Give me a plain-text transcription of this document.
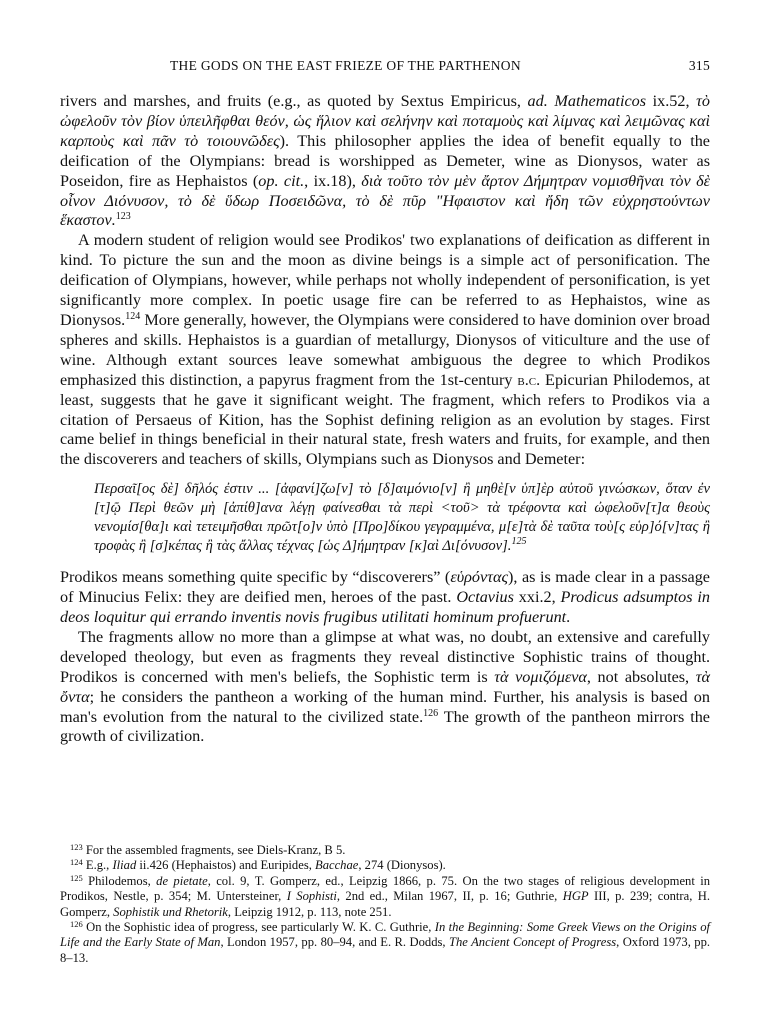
THE GODS ON THE EAST FRIEZE OF THE PARTHENON	315

rivers and marshes, and fruits (e.g., as quoted by Sextus Empiricus, ad. Mathematicos ix.52, τὸ ὠφελοῦν τὸν βίον ὑπειλῆφθαι θεόν, ὡς ἥλιον καὶ σελήνην καὶ ποταμοὺς καὶ λίμνας καὶ λειμῶνας καὶ καρποὺς καὶ πᾶν τὸ τοιουνῶδες). This philosopher applies the idea of benefit equally to the deification of the Olympians: bread is worshipped as Demeter, wine as Dionysos, water as Poseidon, fire as Hephaistos (op. cit., ix.18), διὰ τοῦτο τὸν μὲν ἄρτον Δήμητραν νομισθῆναι τὸν δὲ οἶνον Διόνυσον, τὸ δὲ ὕδωρ Ποσειδῶνα, τὸ δὲ πῦρ "Ηφαιστον καὶ ἤδη τῶν εὐχρηστούντων ἕκαστον.$^{123}$

A modern student of religion would see Prodikos' two explanations of deification as different in kind. To picture the sun and the moon as divine beings is a simple act of personification. The deification of Olympians, however, while perhaps not wholly independent of personification, is yet significantly more complex. In poetic usage fire can be referred to as Hephaistos, wine as Dionysos.$^{124}$ More generally, however, the Olympians were considered to have dominion over broad spheres and skills. Hephaistos is a guardian of metallurgy, Dionysos of viticulture and the use of wine. Although extant sources leave somewhat ambiguous the degree to which Prodikos emphasized this distinction, a papyrus fragment from the 1st-century b.c. Epicurian Philodemos, at least, suggests that he gave it significant weight. The fragment, which refers to Prodikos via a citation of Persaeus of Kition, has the Sophist defining religion as an evolution by stages. First came belief in things beneficial in their natural state, fresh waters and fruits, for example, and then the discoverers and teachers of skills, Olympians such as Dionysos and Demeter:

Περσαῖ[ος δὲ] δῆλός ἐστιν ... [ἀφανί]ζω[ν] τὸ [δ]αιμόνιο[ν] ἢ μηθὲ[ν ὑπ]ὲρ αὐτοῦ γινώσκων, ὅταν ἐν [τ]ῷ Περὶ θεῶν μὴ [ἀπίθ]ανα λέγῃ φαίνεσθαι τὰ περὶ <τοῦ> τὰ τρέφοντα καὶ ὠφελοῦν[τ]α θεοὺς νενομίσ[θα]ι καὶ τετειμῆσθαι πρῶτ[ο]ν ὑπὸ [Προ]δίκου γεγραμμένα, μ[ε]τὰ δὲ ταῦτα τοὺ[ς εὑρ]ό[ν]τας ἢ τροφὰς ἢ [σ]κέπας ἢ τὰς ἄλλας τέχνας [ὡς Δ]ήμητραν [κ]αὶ Δι[όνυσον].$^{125}$

Prodikos means something quite specific by “discoverers” (εὑρόντας), as is made clear in a passage of Minucius Felix: they are deified men, heroes of the past. Octavius xxi.2, Prodicus adsumptos in deos loquitur qui errando inventis novis frugibus utilitati hominum profuerunt.

The fragments allow no more than a glimpse at what was, no doubt, an extensive and carefully developed theology, but even as fragments they reveal distinctive Sophistic trains of thought. Prodikos is concerned with men's beliefs, the Sophistic term is τὰ νομιζόμενα, not absolutes, τὰ ὄντα; he considers the pantheon a working of the human mind. Further, his analysis is based on man's evolution from the natural to the civilized state.$^{126}$ The growth of the pantheon mirrors the growth of civilization.

$^{123}$ For the assembled fragments, see Diels-Kranz, B 5.

$^{124}$ E.g., Iliad ii.426 (Hephaistos) and Euripides, Bacchae, 274 (Dionysos).

$^{125}$ Philodemos, de pietate, col. 9, T. Gomperz, ed., Leipzig 1866, p. 75. On the two stages of religious development in Prodikos, Nestle, p. 354; M. Untersteiner, I Sophisti, 2nd ed., Milan 1967, II, p. 16; Guthrie, HGP III, p. 239; contra, H. Gomperz, Sophistik und Rhetorik, Leipzig 1912, p. 113, note 251.

$^{126}$ On the Sophistic idea of progress, see particularly W. K. C. Guthrie, In the Beginning: Some Greek Views on the Origins of Life and the Early State of Man, London 1957, pp. 80–94, and E. R. Dodds, The Ancient Concept of Progress, Oxford 1973, pp. 8–13.
